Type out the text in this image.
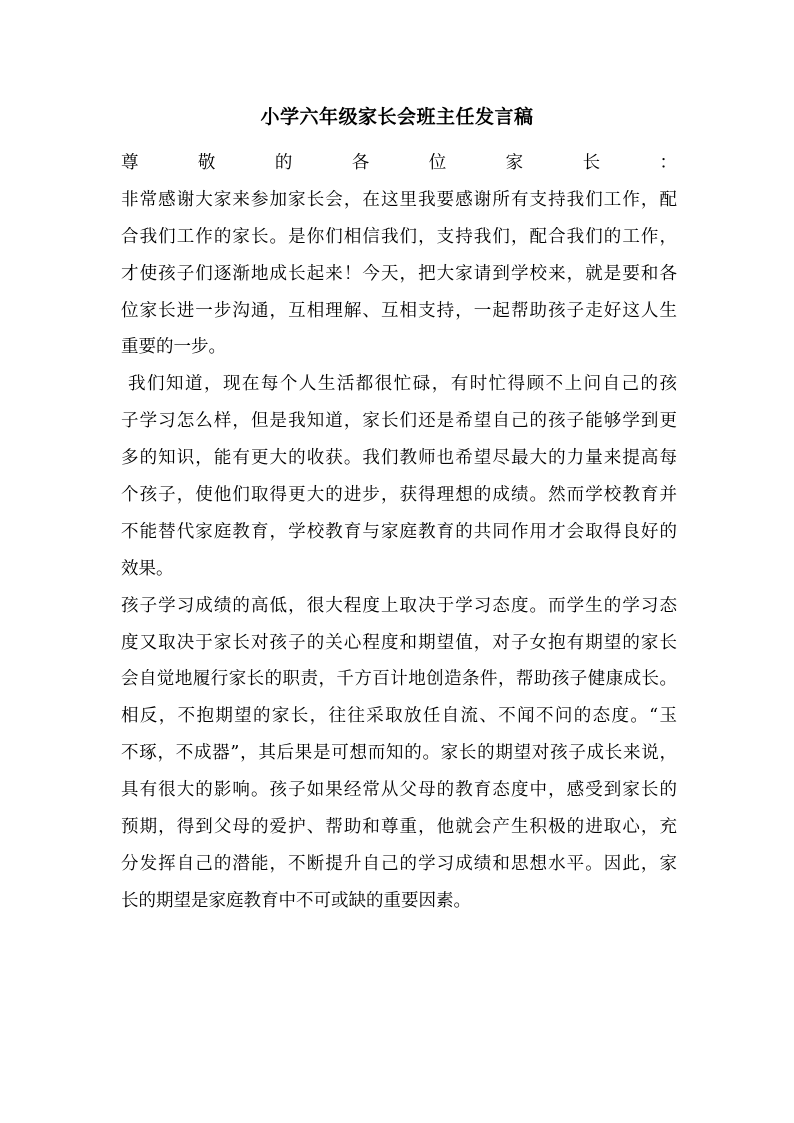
小学六年级家长会班主任发言稿
尊敬的各位家长：
非常感谢大家来参加家长会，在这里我要感谢所有支持我们工作，配
合我们工作的家长。是你们相信我们，支持我们，配合我们的工作，
才使孩子们逐渐地成长起来！今天，把大家请到学校来，就是要和各
位家长进一步沟通，互相理解、互相支持，一起帮助孩子走好这人生
重要的一步。
我们知道，现在每个人生活都很忙碌，有时忙得顾不上问自己的孩
子学习怎么样，但是我知道，家长们还是希望自己的孩子能够学到更
多的知识，能有更大的收获。我们教师也希望尽最大的力量来提高每
个孩子，使他们取得更大的进步，获得理想的成绩。然而学校教育并
不能替代家庭教育，学校教育与家庭教育的共同作用才会取得良好的
效果。
孩子学习成绩的高低，很大程度上取决于学习态度。而学生的学习态
度又取决于家长对孩子的关心程度和期望值，对子女抱有期望的家长
会自觉地履行家长的职责，千方百计地创造条件，帮助孩子健康成长。
相反，不抱期望的家长，往往采取放任自流、不闻不问的态度。“玉
不琢，不成器”，其后果是可想而知的。家长的期望对孩子成长来说，
具有很大的影响。孩子如果经常从父母的教育态度中，感受到家长的
预期，得到父母的爱护、帮助和尊重，他就会产生积极的进取心，充
分发挥自己的潜能，不断提升自己的学习成绩和思想水平。因此，家
长的期望是家庭教育中不可或缺的重要因素。
